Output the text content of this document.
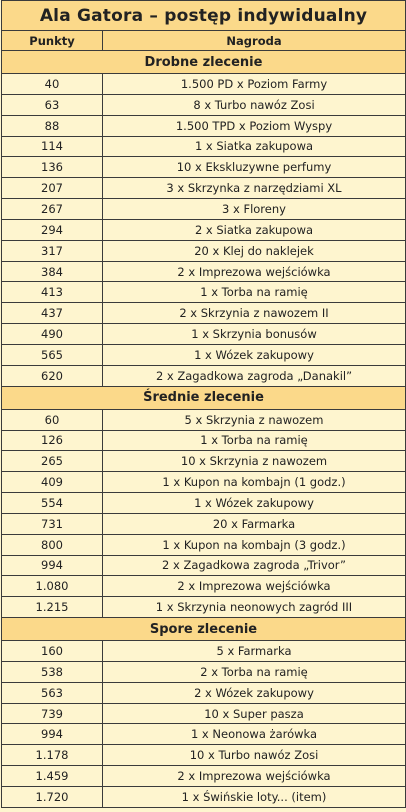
Ala Gatora – postęp indywidualny	
Punkty	Nagroda
Drobne zlecenie	
40	1.500 PD x Poziom Farmy
63	8 x Turbo nawóz Zosi
88	1.500 TPD x Poziom Wyspy
114	1 x Siatka zakupowa
136	10 x Ekskluzywne perfumy
207	3 x Skrzynka z narzędziami XL
267	3 x Floreny
294	2 x Siatka zakupowa
317	20 x Klej do naklejek
384	2 x Imprezowa wejściówka
413	1 x Torba na ramię
437	2 x Skrzynia z nawozem II
490	1 x Skrzynia bonusów
565	1 x Wózek zakupowy
620	2 x Zagadkowa zagroda „Danakil”
Średnie zlecenie	
60	5 x Skrzynia z nawozem
126	1 x Torba na ramię
265	10 x Skrzynia z nawozem
409	1 x Kupon na kombajn (1 godz.)
554	1 x Wózek zakupowy
731	20 x Farmarka
800	1 x Kupon na kombajn (3 godz.)
994	2 x Zagadkowa zagroda „Trivor”
1.080	2 x Imprezowa wejściówka
1.215	1 x Skrzynia neonowych zagród III
Spore zlecenie	
160	5 x Farmarka
538	2 x Torba na ramię
563	2 x Wózek zakupowy
739	10 x Super pasza
994	1 x Neonowa żarówka
1.178	10 x Turbo nawóz Zosi
1.459	2 x Imprezowa wejściówka
1.720	1 x Świńskie loty... (item)
